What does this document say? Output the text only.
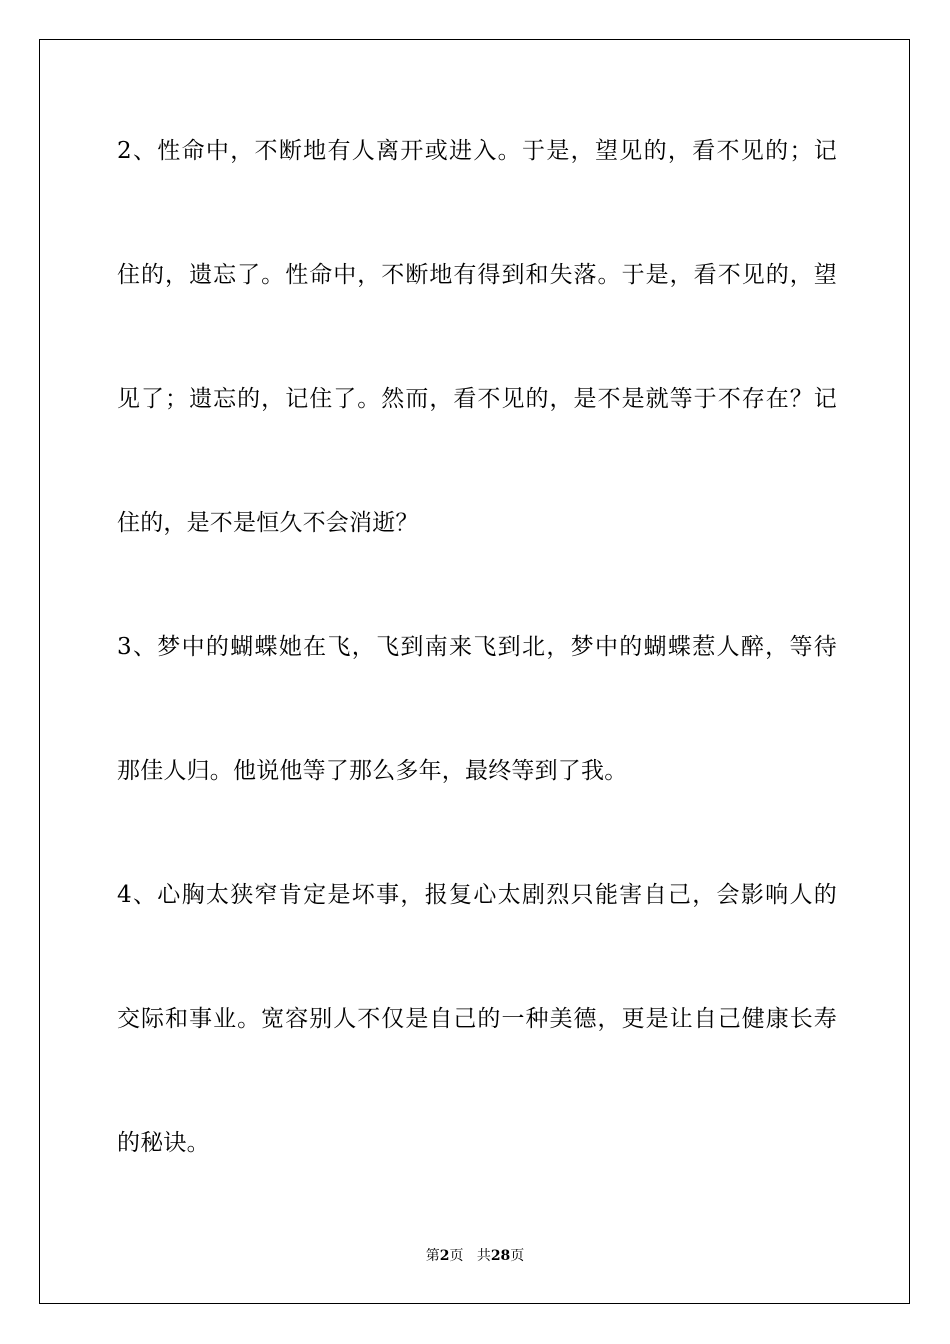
2、性命中，不断地有人离开或进入。于是，望见的，看不见的；记
住的，遗忘了。性命中，不断地有得到和失落。于是，看不见的，望
见了；遗忘的，记住了。然而，看不见的，是不是就等于不存在？记
住的，是不是恒久不会消逝？
3、梦中的蝴蝶她在飞，飞到南来飞到北，梦中的蝴蝶惹人醉，等待
那佳人归。他说他等了那么多年，最终等到了我。
4、心胸太狭窄肯定是坏事，报复心太剧烈只能害自己，会影响人的
交际和事业。宽容别人不仅是自己的一种美德，更是让自己健康长寿
的秘诀。
第2页 共28页
